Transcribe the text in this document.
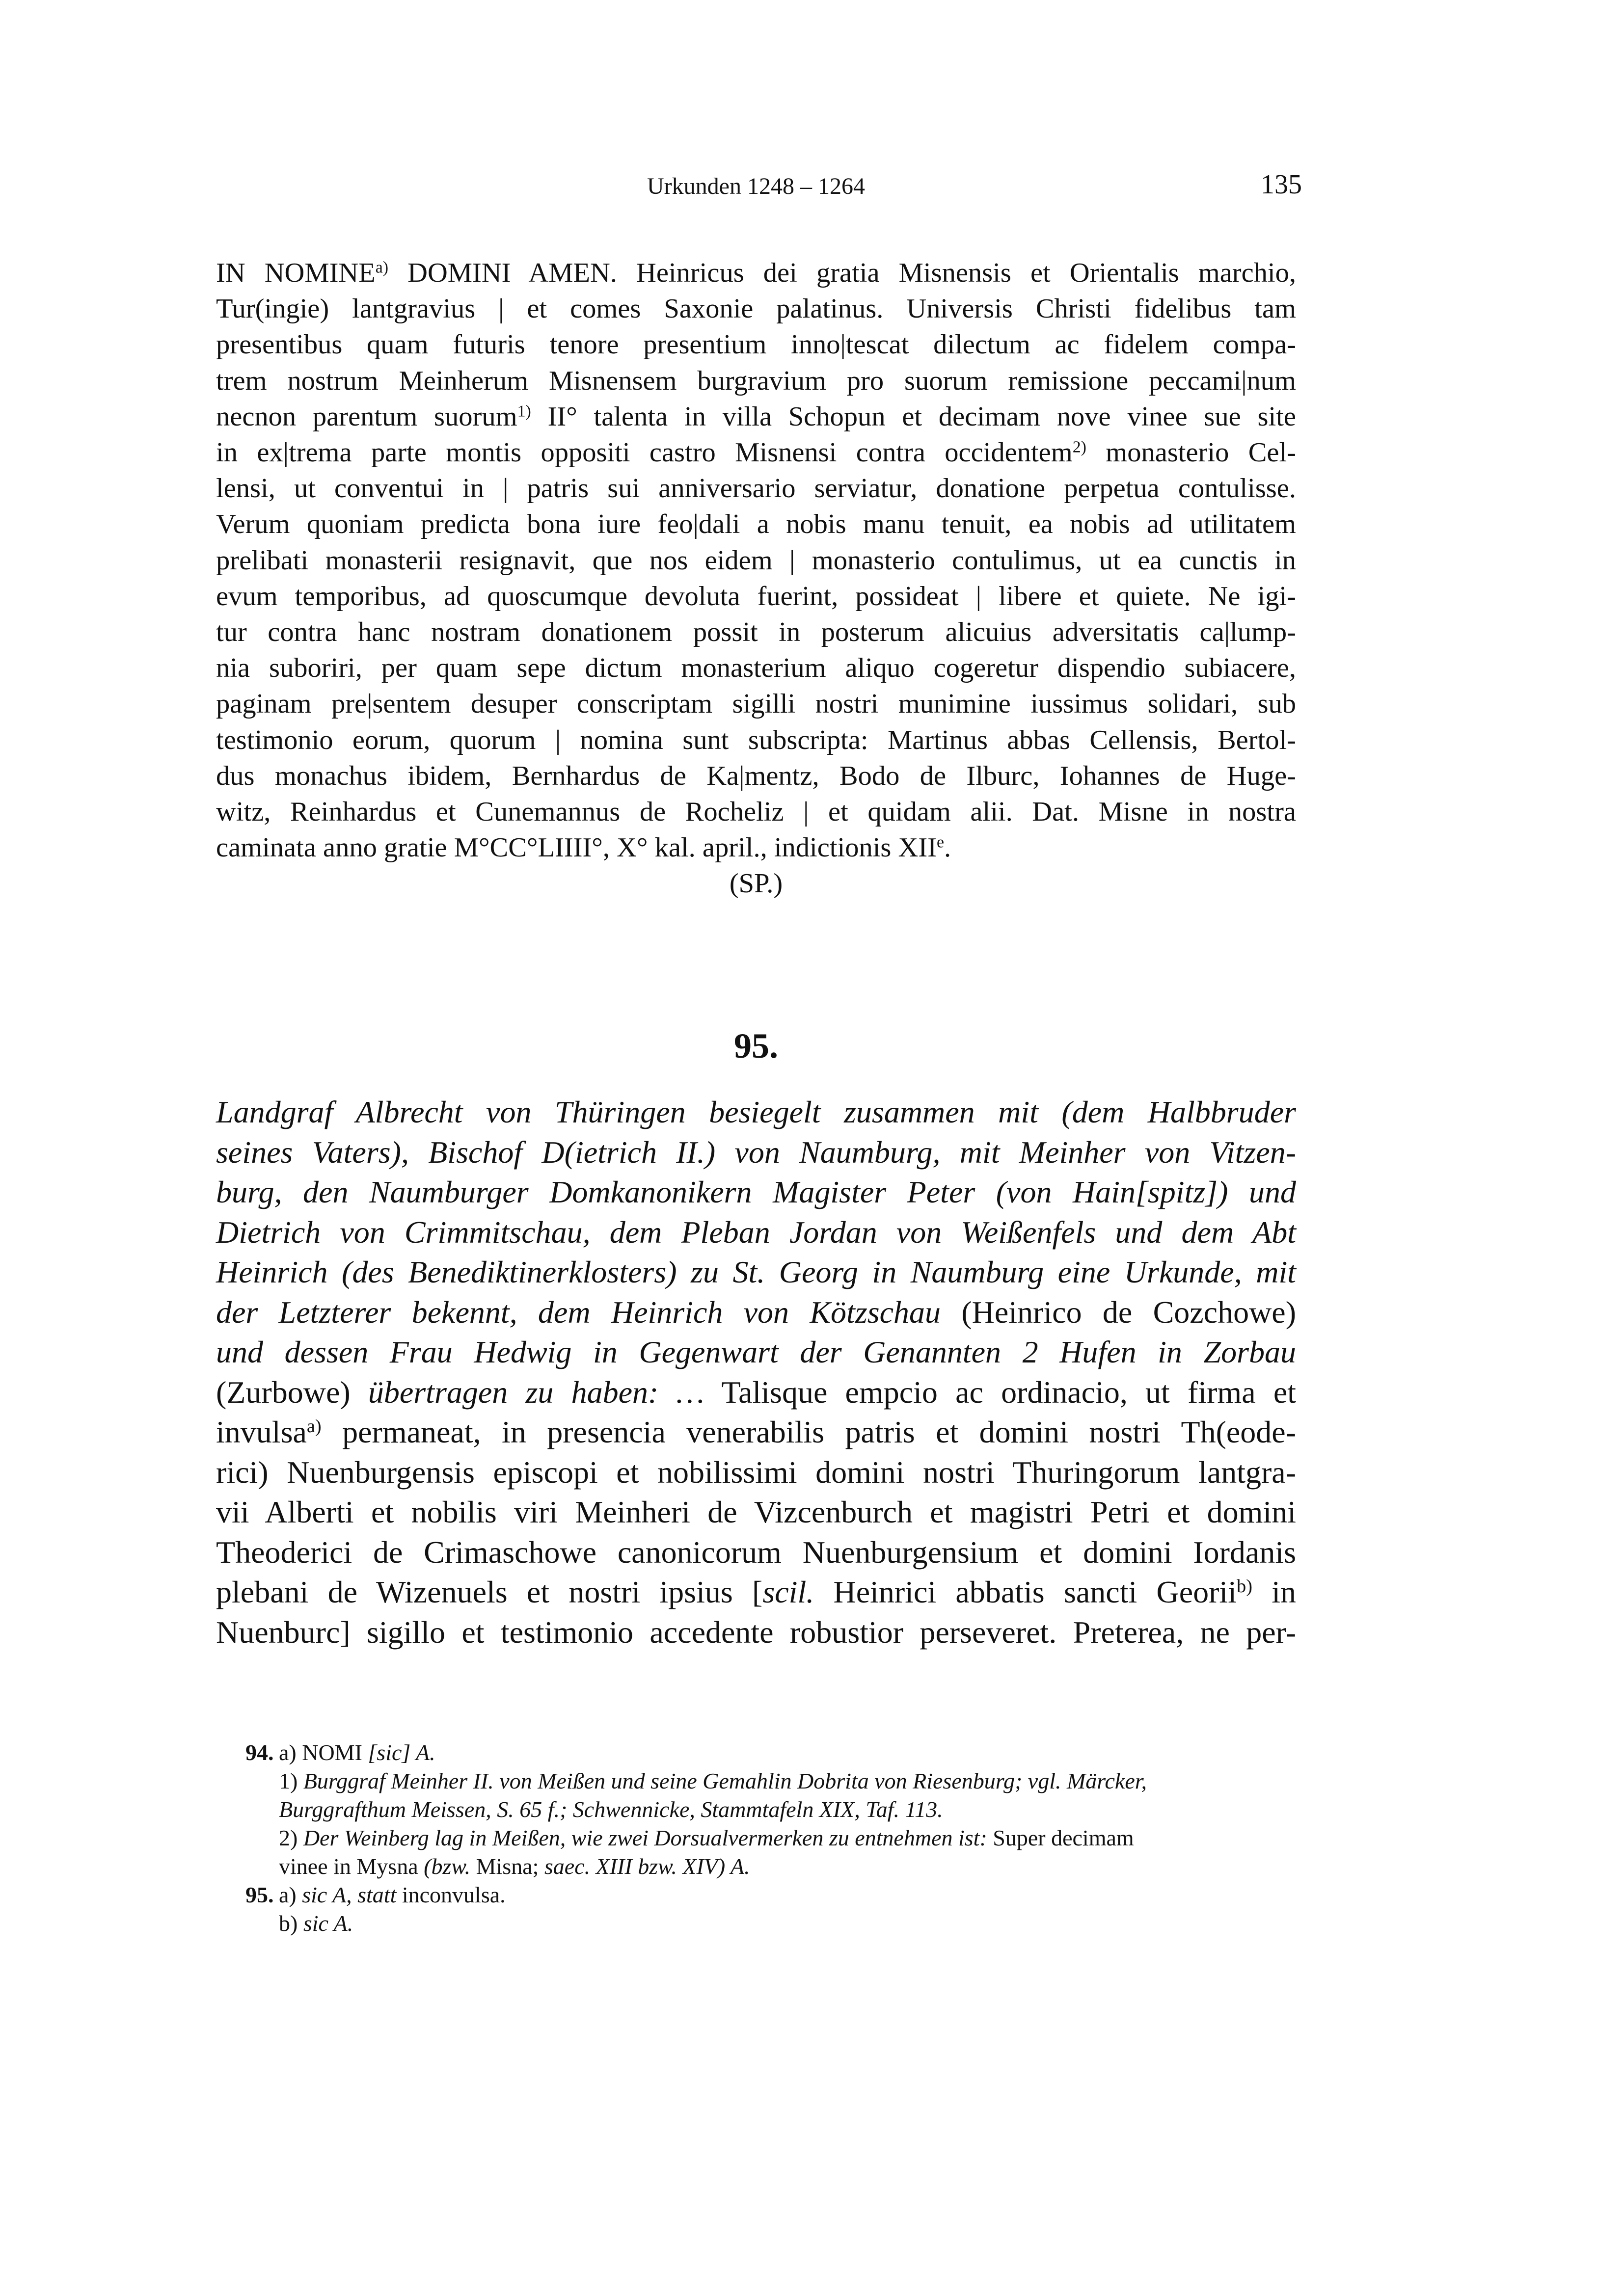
Urkunden 1248 – 1264	135
IN NOMINE$^{a)}$ DOMINI AMEN. Heinricus dei gratia Misnensis et Orientalis marchio,
Tur(ingie) lantgravius | et comes Saxonie palatinus. Universis Christi fidelibus tam
presentibus quam futuris tenore presentium inno|tescat dilectum ac fidelem compa-
trem nostrum Meinherum Misnensem burgravium pro suorum remissione peccami|num
necnon parentum suorum$^{1)}$ II° talenta in villa Schopun et decimam nove vinee sue site
in ex|trema parte montis oppositi castro Misnensi contra occidentem$^{2)}$ monasterio Cel-
lensi, ut conventui in | patris sui anniversario serviatur, donatione perpetua contulisse.
Verum quoniam predicta bona iure feo|dali a nobis manu tenuit, ea nobis ad utilitatem
prelibati monasterii resignavit, que nos eidem | monasterio contulimus, ut ea cunctis in
evum temporibus, ad quoscumque devoluta fuerint, possideat | libere et quiete. Ne igi-
tur contra hanc nostram donationem possit in posterum alicuius adversitatis ca|lump-
nia suboriri, per quam sepe dictum monasterium aliquo cogeretur dispendio subiacere,
paginam pre|sentem desuper conscriptam sigilli nostri munimine iussimus solidari, sub
testimonio eorum, quorum | nomina sunt subscripta: Martinus abbas Cellensis, Bertol-
dus monachus ibidem, Bernhardus de Ka|mentz, Bodo de Ilburc, Iohannes de Huge-
witz, Reinhardus et Cunemannus de Rocheliz | et quidam alii. Dat. Misne in nostra
caminata anno gratie M°CC°LIIII°, X° kal. april., indictionis XIIe.
(SP.)
95.
Landgraf Albrecht von Thüringen besiegelt zusammen mit (dem Halbbruder
seines Vaters), Bischof D(ietrich II.) von Naumburg, mit Meinher von Vitzen-
burg, den Naumburger Domkanonikern Magister Peter (von Hain[spitz]) und
Dietrich von Crimmitschau, dem Pleban Jordan von Weißenfels und dem Abt
Heinrich (des Benediktinerklosters) zu St. Georg in Naumburg eine Urkunde, mit
der Letzterer bekennt, dem Heinrich von Kötzschau (Heinrico de Cozchowe)
und dessen Frau Hedwig in Gegenwart der Genannten 2 Hufen in Zorbau
(Zurbowe) übertragen zu haben: … Talisque empcio ac ordinacio, ut firma et
invulsa$^{a)}$ permaneat, in presencia venerabilis patris et domini nostri Th(eode-
rici) Nuenburgensis episcopi et nobilissimi domini nostri Thuringorum lantgra-
vii Alberti et nobilis viri Meinheri de Vizcenburch et magistri Petri et domini
Theoderici de Crimaschowe canonicorum Nuenburgensium et domini Iordanis
plebani de Wizenuels et nostri ipsius [scil. Heinrici abbatis sancti Georii$^{b)}$ in
Nuenburc] sigillo et testimonio accedente robustior perseveret. Preterea, ne per-
94. a) NOMI [sic] A.
1) Burggraf Meinher II. von Meißen und seine Gemahlin Dobrita von Riesenburg; vgl. Märcker,
Burggrafthum Meissen, S. 65 f.; Schwennicke, Stammtafeln XIX, Taf. 113.
2) Der Weinberg lag in Meißen, wie zwei Dorsualvermerken zu entnehmen ist: Super decimam
vinee in Mysna (bzw. Misna; saec. XIII bzw. XIV) A.
95. a) sic A, statt inconvulsa.
b) sic A.
